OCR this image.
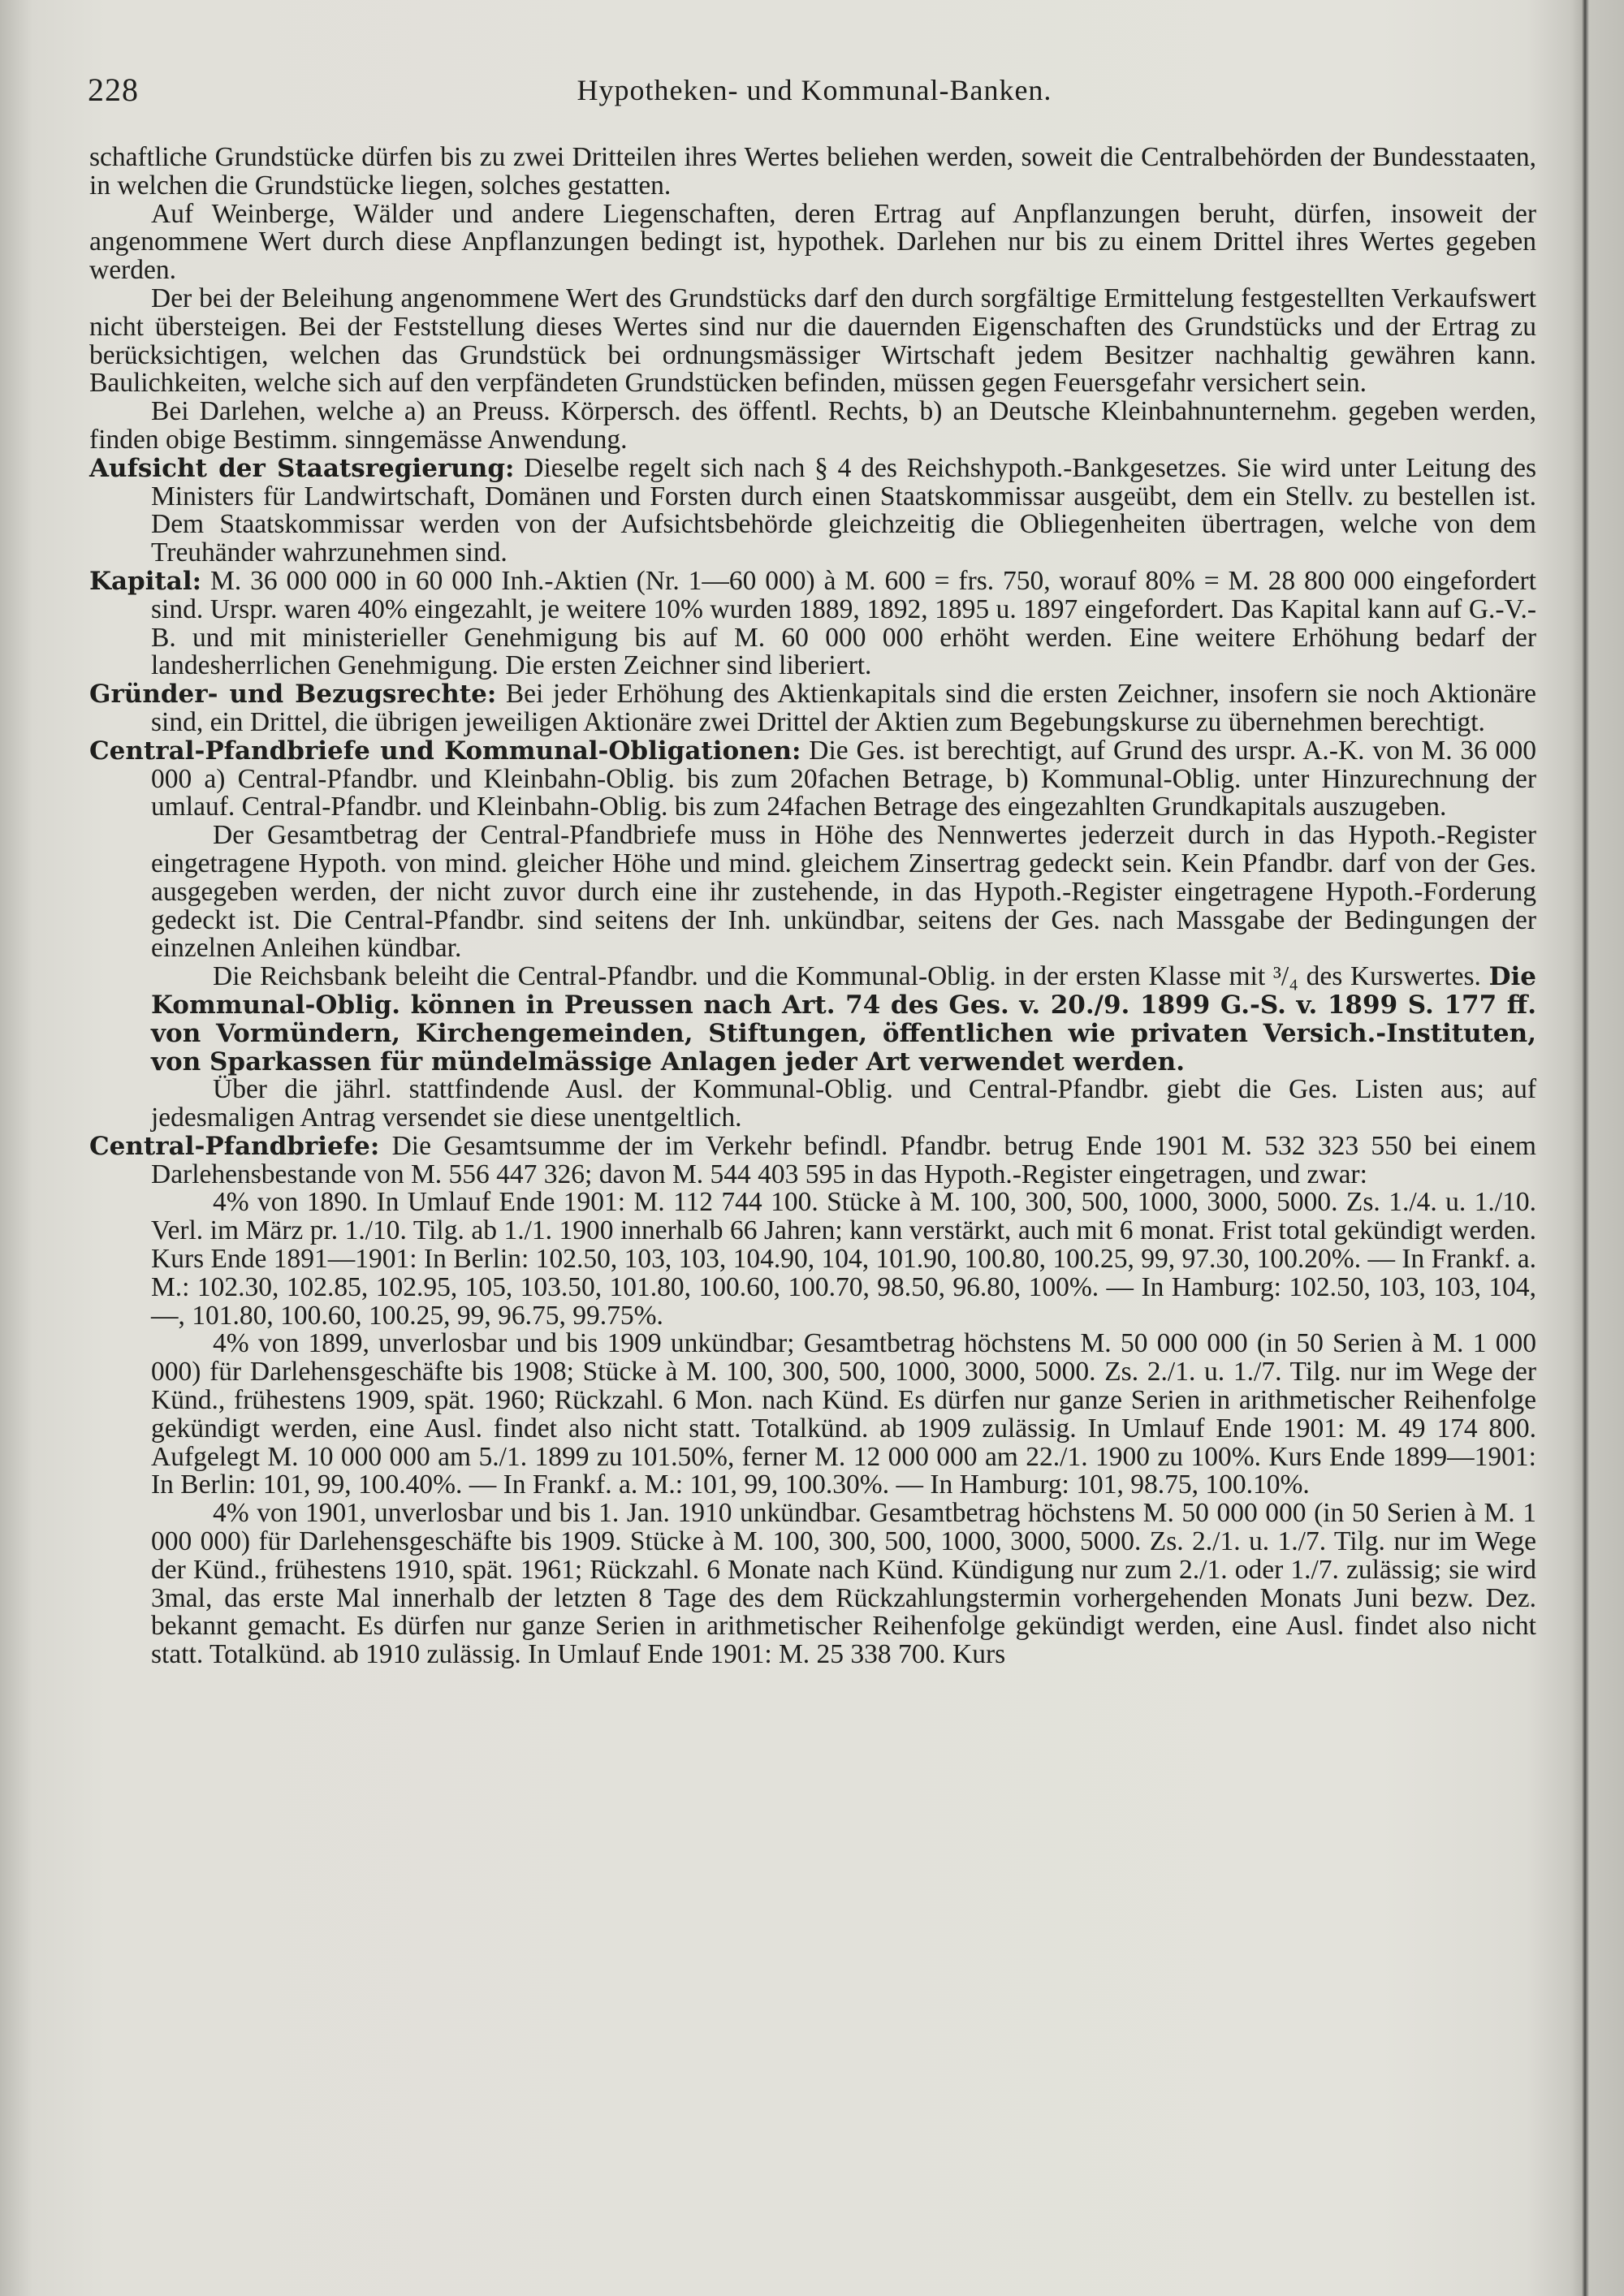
228	Hypotheken- und Kommunal-Banken.

schaftliche Grundstücke dürfen bis zu zwei Dritteilen ihres Wertes beliehen werden, soweit die Centralbehörden der Bundesstaaten, in welchen die Grundstücke liegen, solches gestatten.

Auf Weinberge, Wälder und andere Liegenschaften, deren Ertrag auf Anpflanzungen beruht, dürfen, insoweit der angenommene Wert durch diese Anpflanzungen bedingt ist, hypothek. Darlehen nur bis zu einem Drittel ihres Wertes gegeben werden.

Der bei der Beleihung angenommene Wert des Grundstücks darf den durch sorgfältige Ermittelung festgestellten Verkaufswert nicht übersteigen. Bei der Feststellung dieses Wertes sind nur die dauernden Eigenschaften des Grundstücks und der Ertrag zu berücksichtigen, welchen das Grundstück bei ordnungsmässiger Wirtschaft jedem Besitzer nachhaltig gewähren kann. Baulichkeiten, welche sich auf den verpfändeten Grundstücken befinden, müssen gegen Feuersgefahr versichert sein.

Bei Darlehen, welche a) an Preuss. Körpersch. des öffentl. Rechts, b) an Deutsche Kleinbahnunternehm. gegeben werden, finden obige Bestimm. sinngemässe Anwendung.

Aufsicht der Staatsregierung: Dieselbe regelt sich nach § 4 des Reichshypoth.-Bankgesetzes. Sie wird unter Leitung des Ministers für Landwirtschaft, Domänen und Forsten durch einen Staatskommissar ausgeübt, dem ein Stellv. zu bestellen ist. Dem Staatskommissar werden von der Aufsichtsbehörde gleichzeitig die Obliegenheiten übertragen, welche von dem Treuhänder wahrzunehmen sind.

Kapital: M. 36 000 000 in 60 000 Inh.-Aktien (Nr. 1—60 000) à M. 600 = frs. 750, worauf 80% = M. 28 800 000 eingefordert sind. Urspr. waren 40% eingezahlt, je weitere 10% wurden 1889, 1892, 1895 u. 1897 eingefordert. Das Kapital kann auf G.-V.-B. und mit ministerieller Genehmigung bis auf M. 60 000 000 erhöht werden. Eine weitere Erhöhung bedarf der landesherrlichen Genehmigung. Die ersten Zeichner sind liberiert.

Gründer- und Bezugsrechte: Bei jeder Erhöhung des Aktienkapitals sind die ersten Zeichner, insofern sie noch Aktionäre sind, ein Drittel, die übrigen jeweiligen Aktionäre zwei Drittel der Aktien zum Begebungskurse zu übernehmen berechtigt.

Central-Pfandbriefe und Kommunal-Obligationen: Die Ges. ist berechtigt, auf Grund des urspr. A.-K. von M. 36 000 000 a) Central-Pfandbr. und Kleinbahn-Oblig. bis zum 20fachen Betrage, b) Kommunal-Oblig. unter Hinzurechnung der umlauf. Central-Pfandbr. und Kleinbahn-Oblig. bis zum 24fachen Betrage des eingezahlten Grundkapitals auszugeben.

Der Gesamtbetrag der Central-Pfandbriefe muss in Höhe des Nennwertes jederzeit durch in das Hypoth.-Register eingetragene Hypoth. von mind. gleicher Höhe und mind. gleichem Zinsertrag gedeckt sein. Kein Pfandbr. darf von der Ges. ausgegeben werden, der nicht zuvor durch eine ihr zustehende, in das Hypoth.-Register eingetragene Hypoth.-Forderung gedeckt ist. Die Central-Pfandbr. sind seitens der Inh. unkündbar, seitens der Ges. nach Massgabe der Bedingungen der einzelnen Anleihen kündbar.

Die Reichsbank beleiht die Central-Pfandbr. und die Kommunal-Oblig. in der ersten Klasse mit ³/₄ des Kurswertes. Die Kommunal-Oblig. können in Preussen nach Art. 74 des Ges. v. 20./9. 1899 G.-S. v. 1899 S. 177 ff. von Vormündern, Kirchengemeinden, Stiftungen, öffentlichen wie privaten Versich.-Instituten, von Sparkassen für mündelmässige Anlagen jeder Art verwendet werden.

Über die jährl. stattfindende Ausl. der Kommunal-Oblig. und Central-Pfandbr. giebt die Ges. Listen aus; auf jedesmaligen Antrag versendet sie diese unentgeltlich.

Central-Pfandbriefe: Die Gesamtsumme der im Verkehr befindl. Pfandbr. betrug Ende 1901 M. 532 323 550 bei einem Darlehensbestande von M. 556 447 326; davon M. 544 403 595 in das Hypoth.-Register eingetragen, und zwar:

4% von 1890. In Umlauf Ende 1901: M. 112 744 100. Stücke à M. 100, 300, 500, 1000, 3000, 5000. Zs. 1./4. u. 1./10. Verl. im März pr. 1./10. Tilg. ab 1./1. 1900 innerhalb 66 Jahren; kann verstärkt, auch mit 6 monat. Frist total gekündigt werden. Kurs Ende 1891—1901: In Berlin: 102.50, 103, 103, 104.90, 104, 101.90, 100.80, 100.25, 99, 97.30, 100.20%. — In Frankf. a. M.: 102.30, 102.85, 102.95, 105, 103.50, 101.80, 100.60, 100.70, 98.50, 96.80, 100%. — In Hamburg: 102.50, 103, 103, 104, —, 101.80, 100.60, 100.25, 99, 96.75, 99.75%.

4% von 1899, unverlosbar und bis 1909 unkündbar; Gesamtbetrag höchstens M. 50 000 000 (in 50 Serien à M. 1 000 000) für Darlehensgeschäfte bis 1908; Stücke à M. 100, 300, 500, 1000, 3000, 5000. Zs. 2./1. u. 1./7. Tilg. nur im Wege der Künd., frühestens 1909, spät. 1960; Rückzahl. 6 Mon. nach Künd. Es dürfen nur ganze Serien in arithmetischer Reihenfolge gekündigt werden, eine Ausl. findet also nicht statt. Totalkünd. ab 1909 zulässig. In Umlauf Ende 1901: M. 49 174 800. Aufgelegt M. 10 000 000 am 5./1. 1899 zu 101.50%, ferner M. 12 000 000 am 22./1. 1900 zu 100%. Kurs Ende 1899—1901: In Berlin: 101, 99, 100.40%. — In Frankf. a. M.: 101, 99, 100.30%. — In Hamburg: 101, 98.75, 100.10%.

4% von 1901, unverlosbar und bis 1. Jan. 1910 unkündbar. Gesamtbetrag höchstens M. 50 000 000 (in 50 Serien à M. 1 000 000) für Darlehensgeschäfte bis 1909. Stücke à M. 100, 300, 500, 1000, 3000, 5000. Zs. 2./1. u. 1./7. Tilg. nur im Wege der Künd., frühestens 1910, spät. 1961; Rückzahl. 6 Monate nach Künd. Kündigung nur zum 2./1. oder 1./7. zulässig; sie wird 3mal, das erste Mal innerhalb der letzten 8 Tage des dem Rückzahlungstermin vorhergehenden Monats Juni bezw. Dez. bekannt gemacht. Es dürfen nur ganze Serien in arithmetischer Reihenfolge gekündigt werden, eine Ausl. findet also nicht statt. Totalkünd. ab 1910 zulässig. In Umlauf Ende 1901: M. 25 338 700. Kurs
